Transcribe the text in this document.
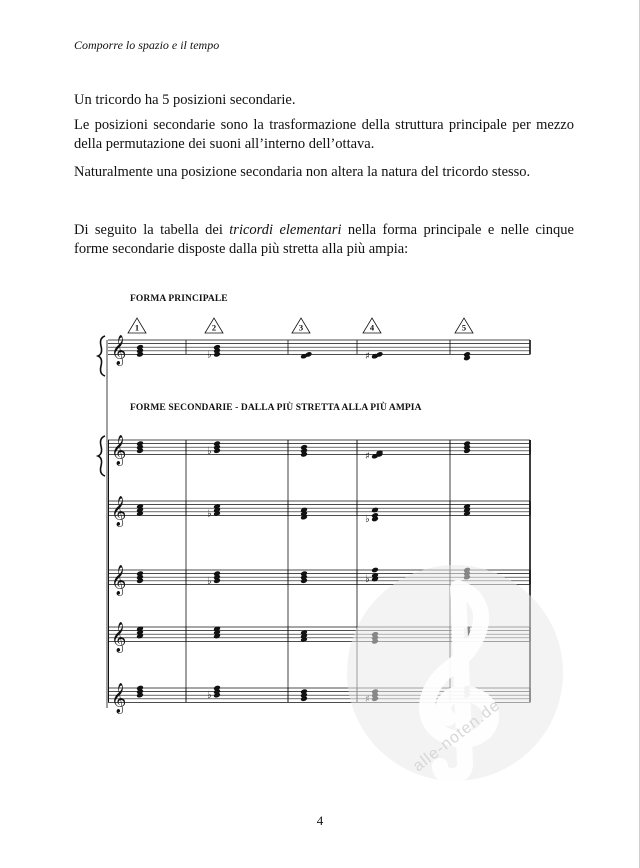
Comporre lo spazio e il tempo
Un tricordo ha 5 posizioni secondarie.
Le posizioni secondarie sono la trasformazione della struttura principale per mezzo della permutazione dei suoni all’interno dell’ottava.
Naturalmente una posizione secondaria non altera la natura del tricordo stesso.
Di seguito la tabella dei tricordi elementari nella forma principale e nelle cinque forme secondarie disposte dalla più stretta alla più ampia:
FORMA PRINCIPALE
FORME SECONDARIE - DALLA PIÙ STRETTA ALLA PIÙ AMPIA
𝄞	♭	♯
1	2	3	4	5
𝄞	♭	♯
𝄞	♭	♭
𝄞	♭	♭
𝄞
𝄞	♭
alle-noten.de
4
